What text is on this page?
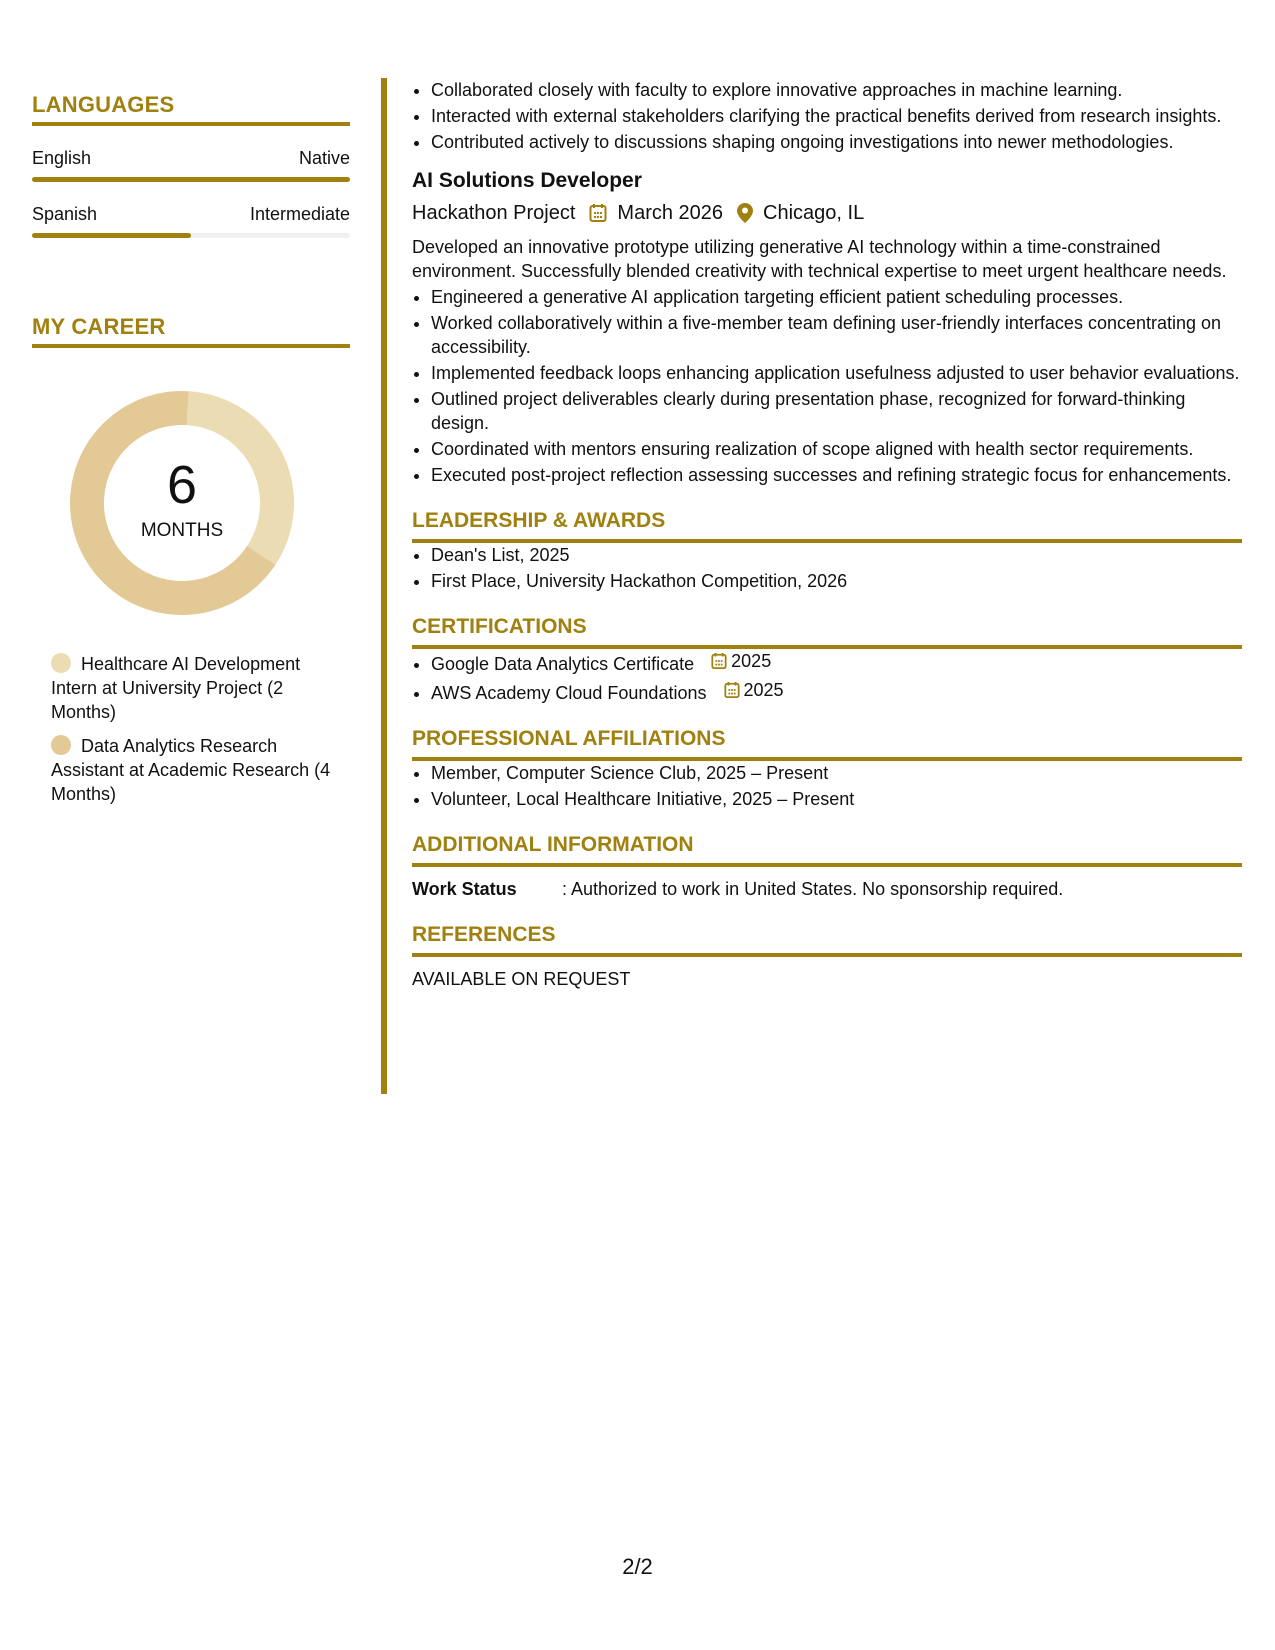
LANGUAGES
English	Native
Spanish	Intermediate
MY CAREER
6
MONTHS
Healthcare AI Development Intern at University Project (2 Months)
Data Analytics Research Assistant at Academic Research (4 Months)
• Collaborated closely with faculty to explore innovative approaches in machine learning.
• Interacted with external stakeholders clarifying the practical benefits derived from research insights.
• Contributed actively to discussions shaping ongoing investigations into newer methodologies.
AI Solutions Developer
Hackathon Project March 2026 Chicago, IL
Developed an innovative prototype utilizing generative AI technology within a time-constrained environment. Successfully blended creativity with technical expertise to meet urgent healthcare needs.
• Engineered a generative AI application targeting efficient patient scheduling processes.
• Worked collaboratively within a five-member team defining user-friendly interfaces concentrating on accessibility.
• Implemented feedback loops enhancing application usefulness adjusted to user behavior evaluations.
• Outlined project deliverables clearly during presentation phase, recognized for forward-thinking design.
• Coordinated with mentors ensuring realization of scope aligned with health sector requirements.
• Executed post-project reflection assessing successes and refining strategic focus for enhancements.
LEADERSHIP & AWARDS
• Dean's List, 2025
• First Place, University Hackathon Competition, 2026
CERTIFICATIONS
• Google Data Analytics Certificate 2025
• AWS Academy Cloud Foundations 2025
PROFESSIONAL AFFILIATIONS
• Member, Computer Science Club, 2025 – Present
• Volunteer, Local Healthcare Initiative, 2025 – Present
ADDITIONAL INFORMATION
Work Status	: Authorized to work in United States. No sponsorship required.
REFERENCES
AVAILABLE ON REQUEST
2/2
